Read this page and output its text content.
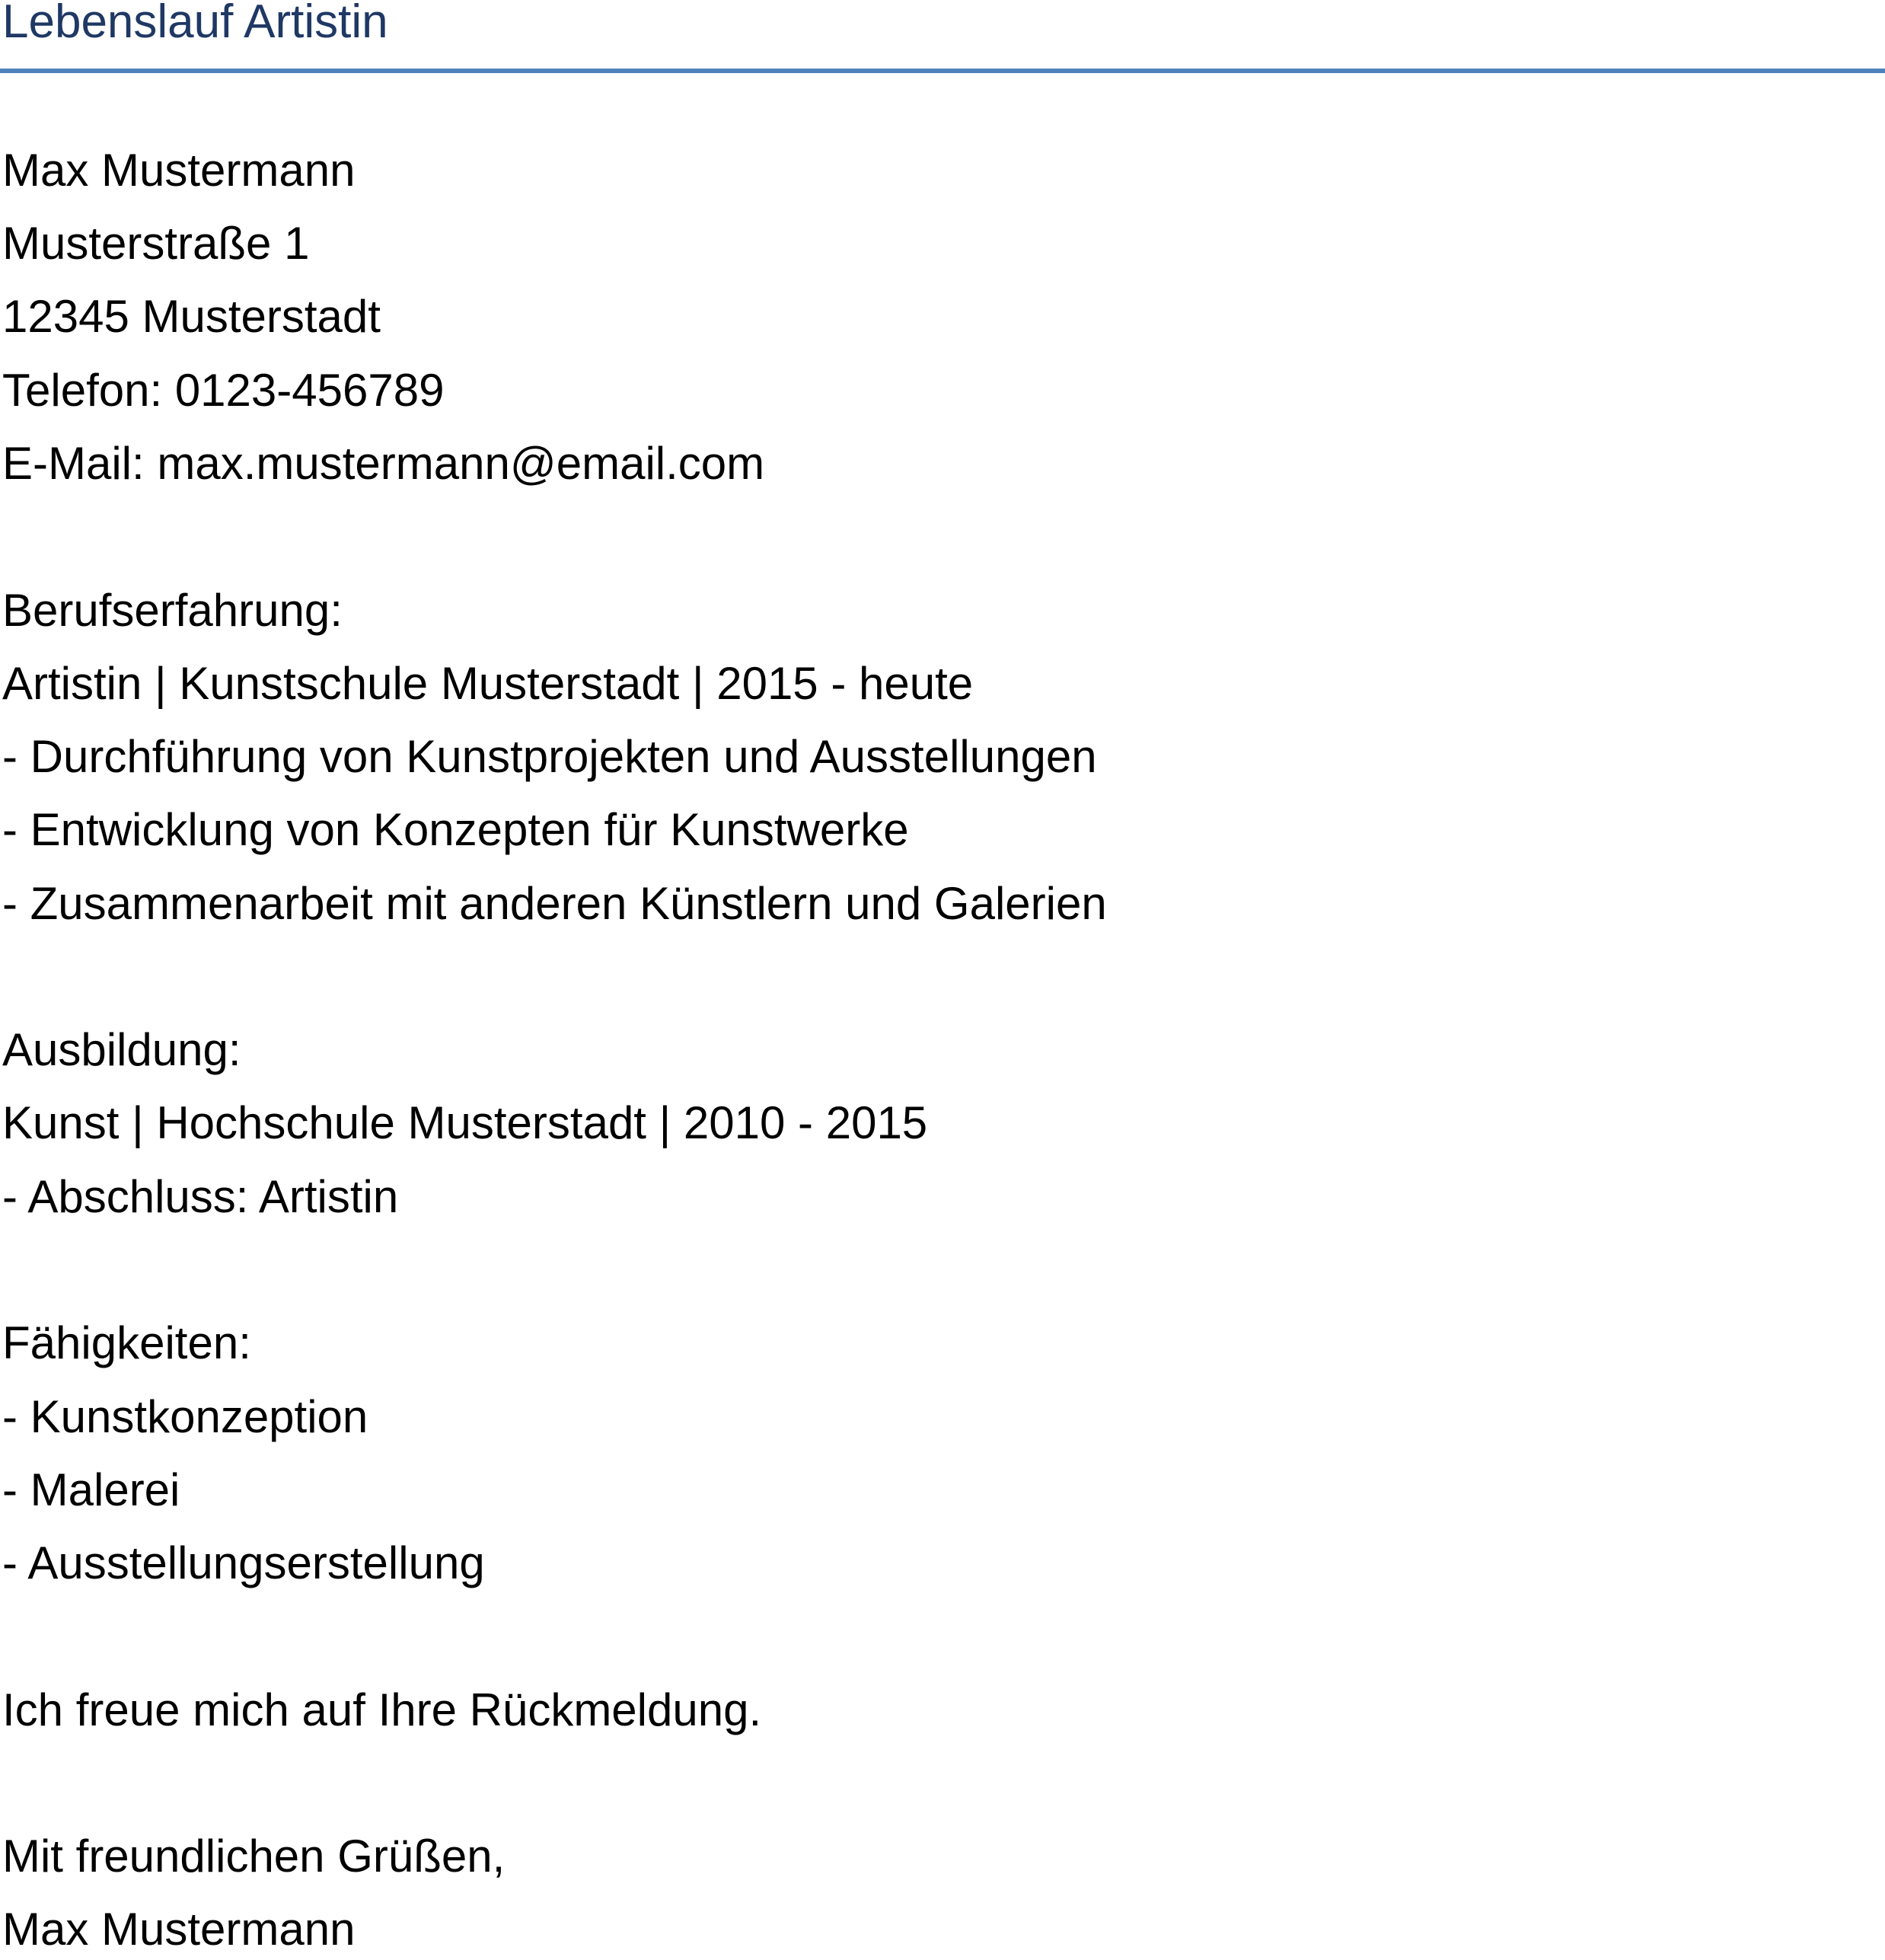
Lebenslauf Artistin

Max Mustermann

Musterstraße 1

12345 Musterstadt

Telefon: 0123-456789

E-Mail: max.mustermann@email.com

Berufserfahrung:

Artistin | Kunstschule Musterstadt | 2015 - heute

- Durchführung von Kunstprojekten und Ausstellungen

- Entwicklung von Konzepten für Kunstwerke

- Zusammenarbeit mit anderen Künstlern und Galerien

Ausbildung:

Kunst | Hochschule Musterstadt | 2010 - 2015

- Abschluss: Artistin

Fähigkeiten:

- Kunstkonzeption

- Malerei

- Ausstellungserstellung

Ich freue mich auf Ihre Rückmeldung.

Mit freundlichen Grüßen,

Max Mustermann
